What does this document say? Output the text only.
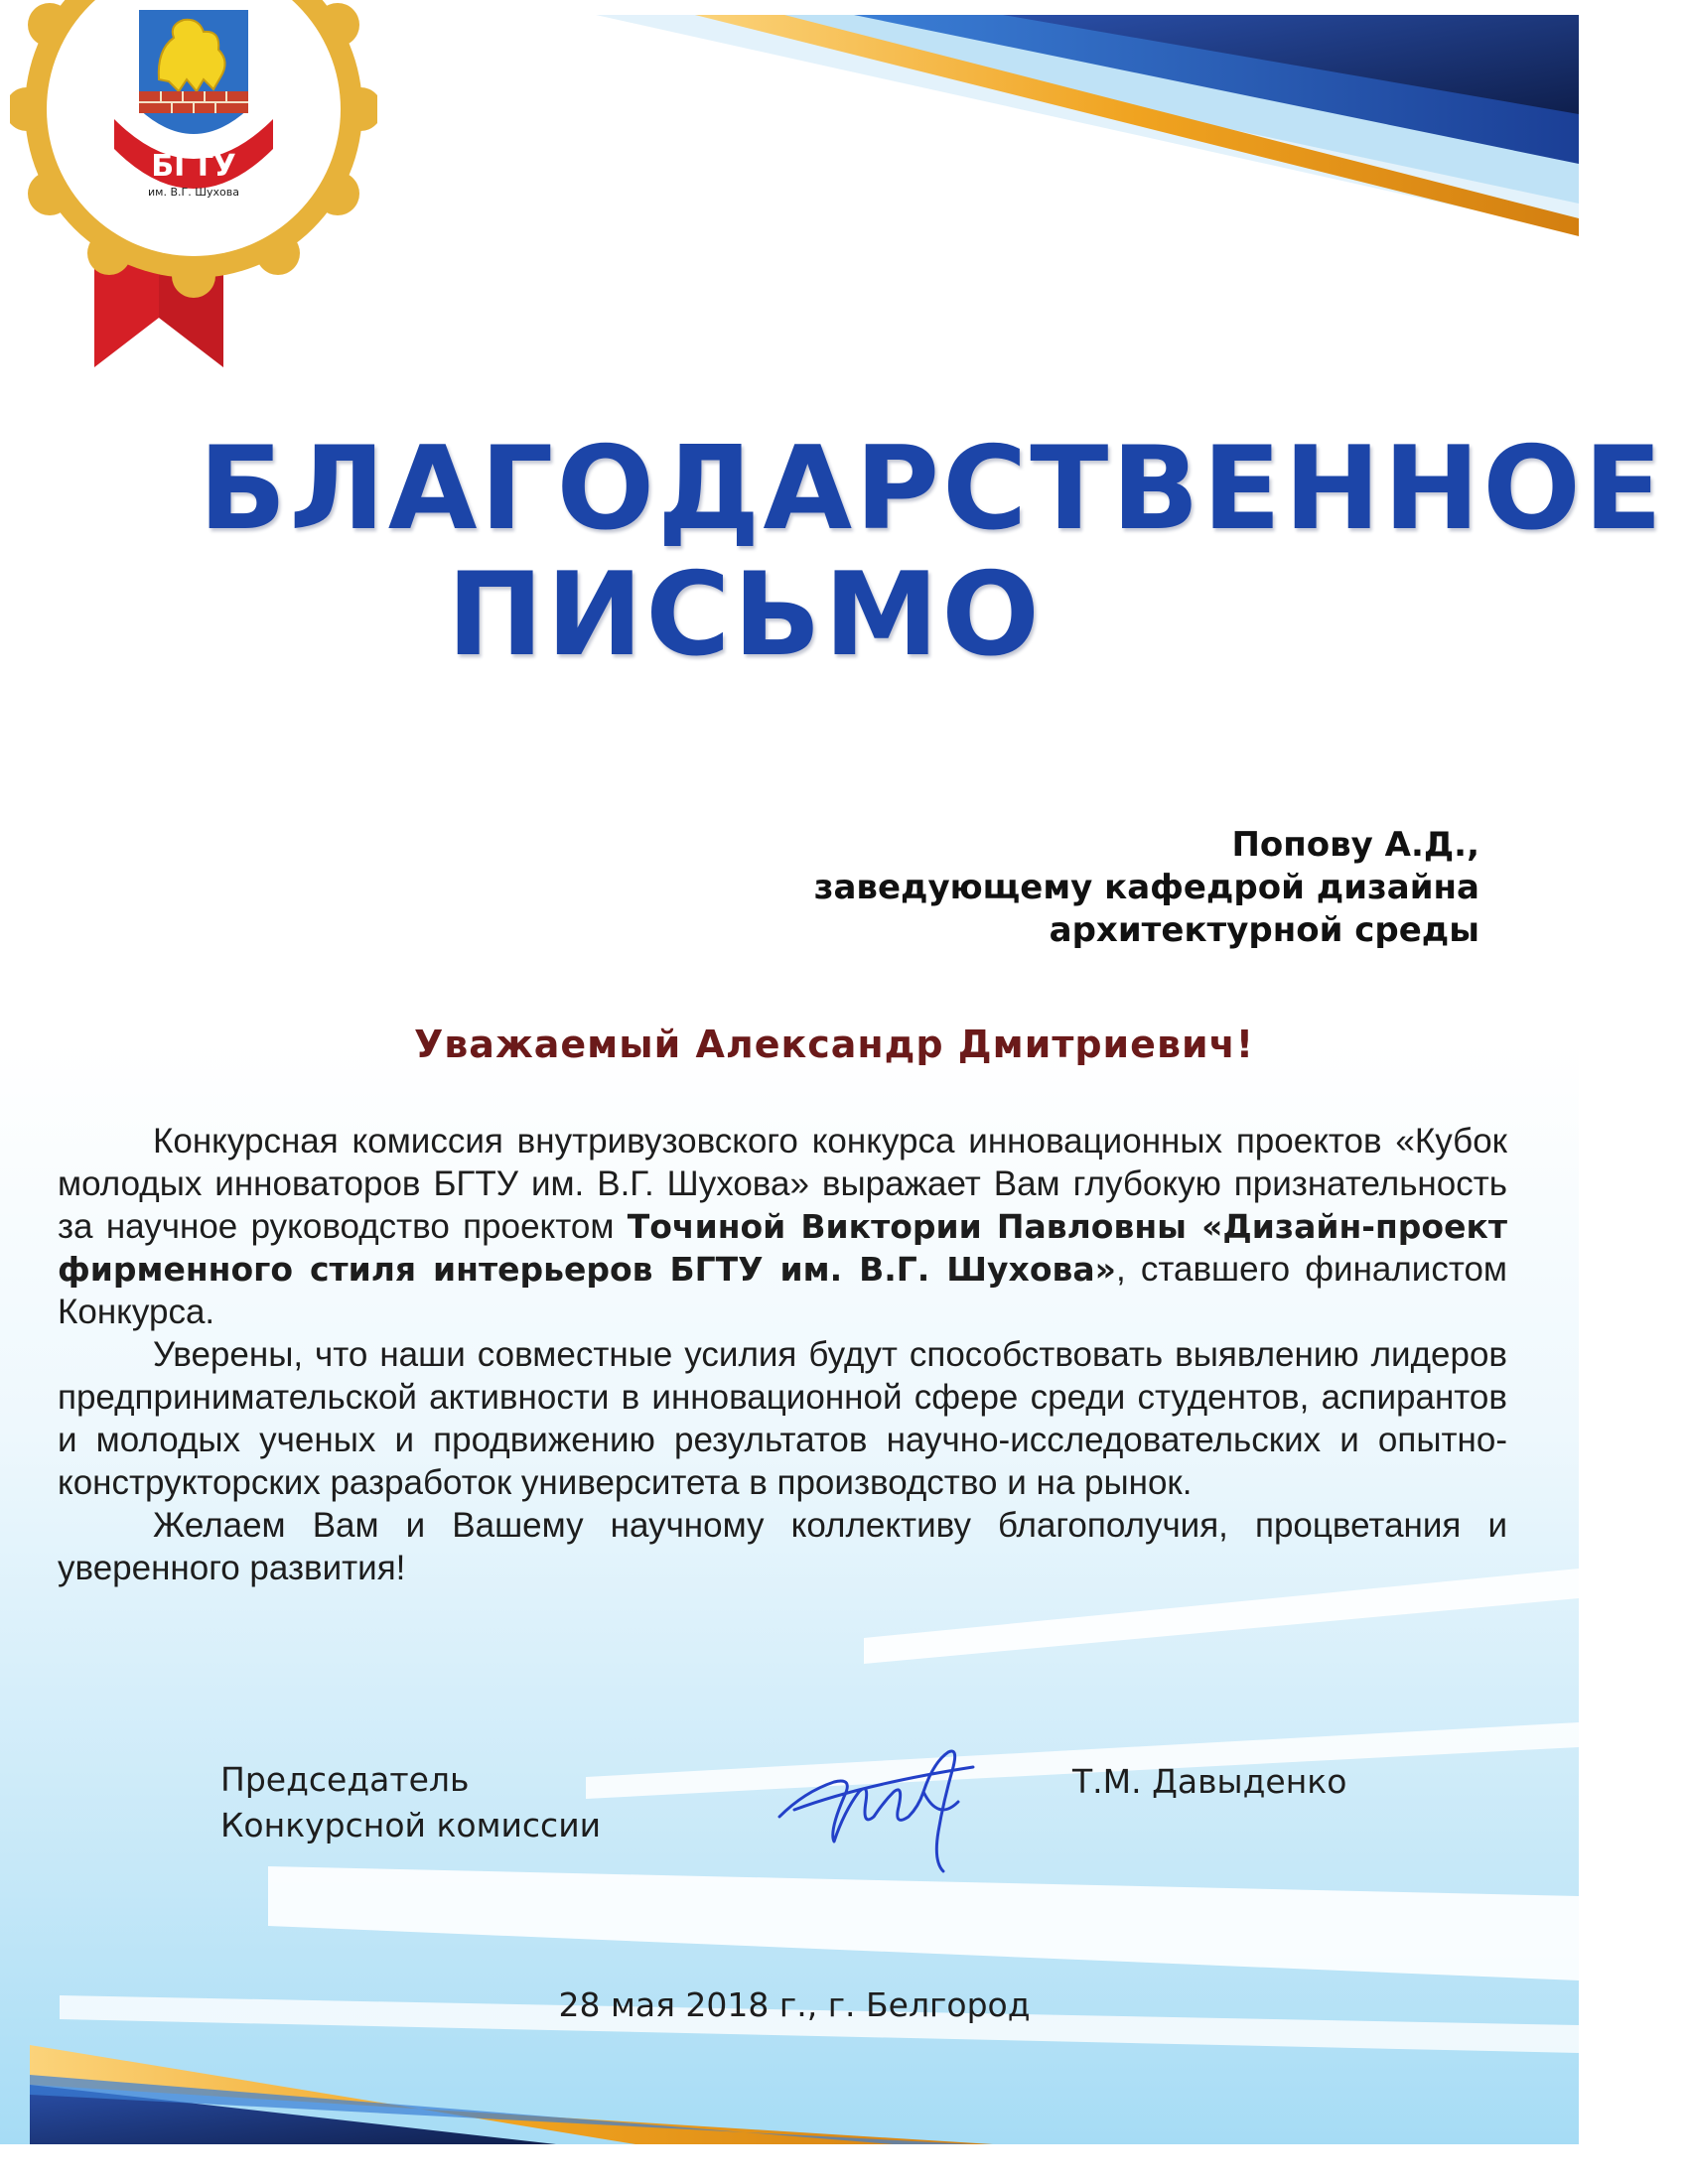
БГТУ
им. В.Г. Шухова
БЛАГОДАРСТВЕННОЕ
ПИСЬМО
Попову А.Д.,
заведующему кафедрой дизайна
архитектурной среды
Уважаемый Александр Дмитриевич!

Конкурсная комиссия внутривузовского конкурса инновационных проектов «Кубок молодых инноваторов БГТУ им. В.Г. Шухова» выражает Вам глубокую признательность за научное руководство проектом Точиной Виктории Павловны «Дизайн-проект фирменного стиля интерьеров БГТУ им. В.Г. Шухова», ставшего финалистом Конкурса.

Уверены, что наши совместные усилия будут способствовать выявлению лидеров предпринимательской активности в инновационной сфере среди студентов, аспирантов и молодых ученых и продвижению результатов научно-исследовательских и опытно-конструкторских разработок университета в производство и на рынок.

Желаем Вам и Вашему научному коллективу благополучия, процветания и уверенного развития!

Председатель
Конкурсной комиссии
Т.М. Давыденко
28 мая 2018 г., г. Белгород
